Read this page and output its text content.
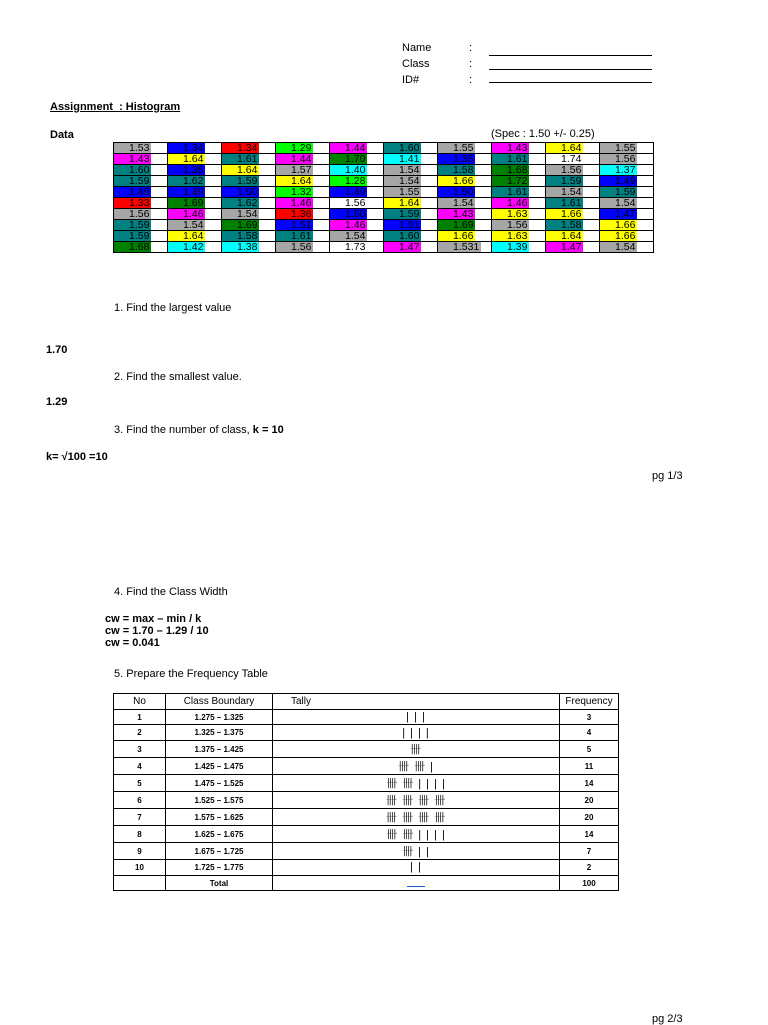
Name	:
Class	:
ID#	:
Assignment  : Histogram
Data	(Spec : 1.50 +/- 0.25)
1.53	1.34	1.34	1.29	1.44	1.60	1.55	1.43	1.64	1.55
1.43	1.64	1.61	1.44	1.70	1.41	1.35	1.61	1.74	1.56
1.60	1.35	1.64	1.57	1.40	1.54	1.58	1.68	1.56	1.37
1.59	1.62	1.59	1.64	1.28	1.54	1.66	1.72	1.59	1.49
1.49	1.49	1.50	1.32	1.49	1.55	1.50	1.61	1.54	1.59
1.33	1.69	1.62	1.46	1.56	1.64	1.54	1.46	1.61	1.54
1.56	1.46	1.54	1.36	1.50	1.59	1.43	1.63	1.66	1.47
1.59	1.54	1.69	1.51	1.46	1.51	1.69	1.56	1.58	1.66
1.59	1.64	1.58	1.61	1.54	1.60	1.66	1.63	1.64	1.66
1.68	1.42	1.38	1.56	1.73	1.47	1.531	1.39	1.47	1.54
1. Find the largest value
1.70
2. Find the smallest value.
1.29
3. Find the number of class, k = 10
k= √100 =10
pg 1/3
4. Find the Class Width
cw = max – min / k
cw = 1.70 – 1.29 / 10
cw = 0.041
5. Prepare the Frequency Table
No	Class Boundary	Tally	Frequency
1	1.275 – 1.325	| | |	3
2	1.325 – 1.375	| | | |	4
3	1.375 – 1.425	卌	5
4	1.425 – 1.475	卌 卌 |	11
5	1.475 – 1.525	卌 卌 | | | |	14
6	1.525 – 1.575	卌 卌 卌 卌	20
7	1.575 – 1.625	卌 卌 卌 卌	20
8	1.625 – 1.675	卌 卌 | | | |	14
9	1.675 – 1.725	卌 | |	7
10	1.725 – 1.775	| |	2
	Total		100
pg 2/3
